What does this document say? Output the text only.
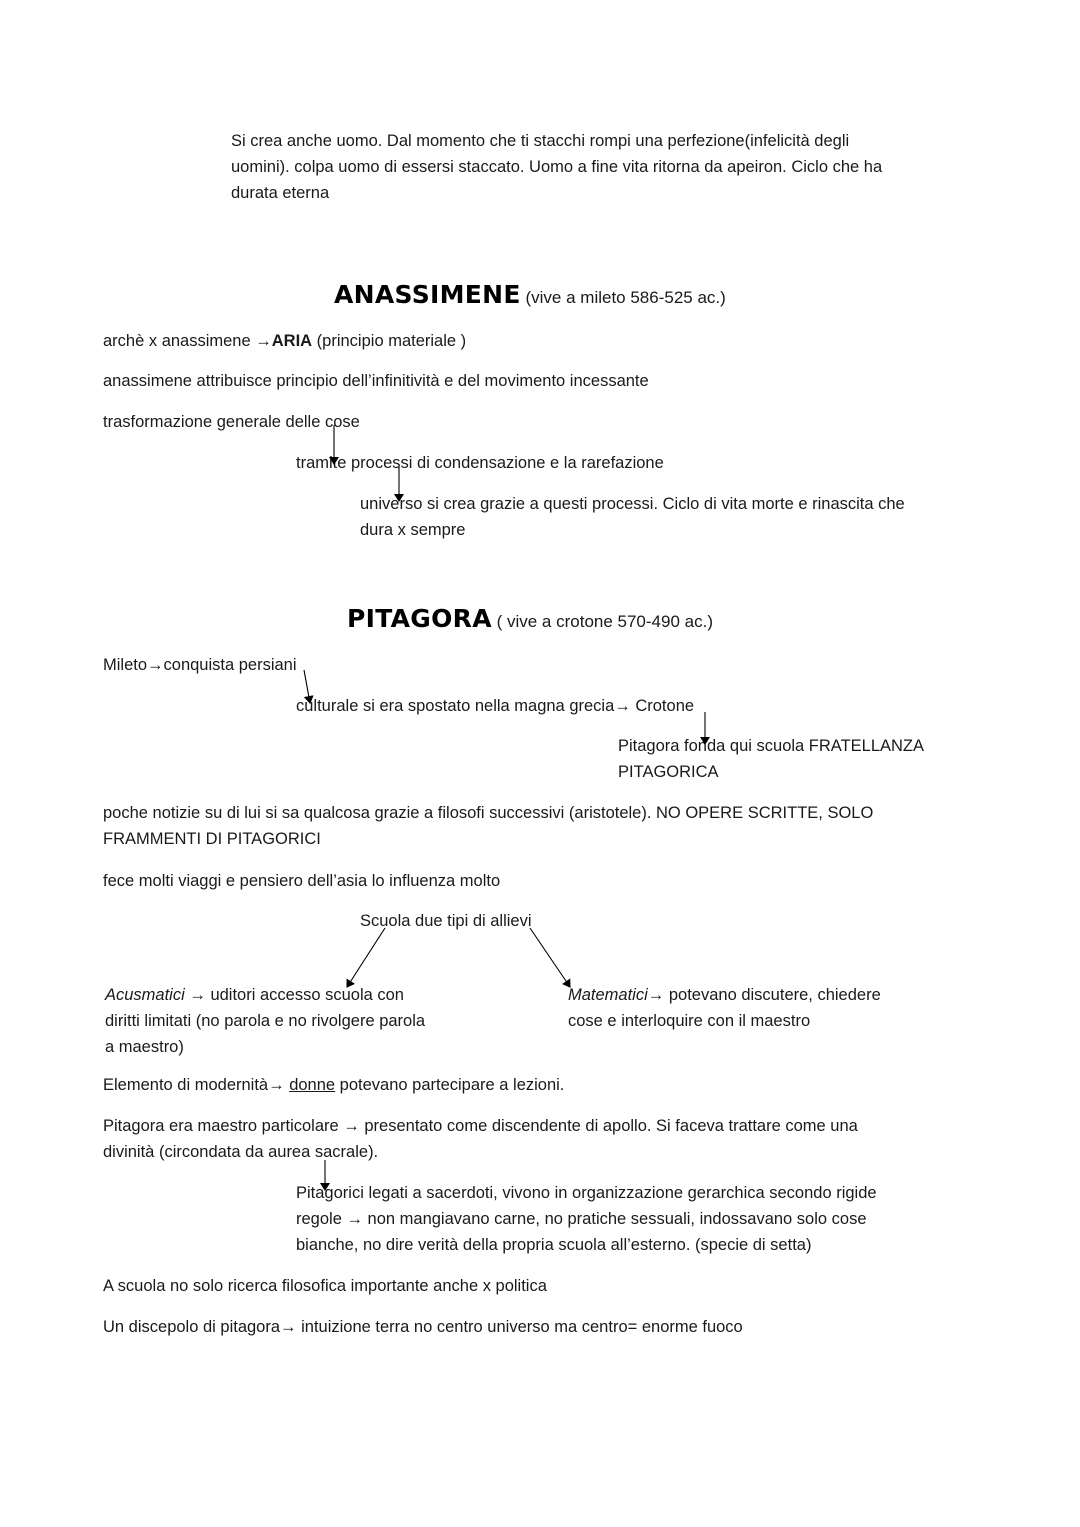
Si crea anche uomo. Dal momento che ti stacchi rompi una perfezione(infelicità degli
uomini). colpa uomo di essersi staccato. Uomo a fine vita ritorna da apeiron. Ciclo che ha
durata eterna
ANASSIMENE (vive a mileto 586-525 ac.)
archè x anassimene →ARIA (principio materiale )
anassimene attribuisce principio dell’infinitività e del movimento incessante
trasformazione generale delle cose
tramite processi di condensazione e la rarefazione
universo si crea grazie a questi processi. Ciclo di vita morte e rinascita che
dura x sempre
PITAGORA ( vive a crotone 570-490 ac.)
Mileto→conquista persiani
culturale si era spostato nella magna grecia→ Crotone
Pitagora fonda qui scuola FRATELLANZA
PITAGORICA
poche notizie su di lui si sa qualcosa grazie a filosofi successivi (aristotele). NO OPERE SCRITTE, SOLO
FRAMMENTI DI PITAGORICI
fece molti viaggi e pensiero dell’asia lo influenza molto
Scuola due tipi di allievi
Acusmatici → uditori accesso scuola con
diritti limitati (no parola e no rivolgere parola
a maestro)
Matematici→ potevano discutere, chiedere
cose e interloquire con il maestro
Elemento di modernità→ donne potevano partecipare a lezioni.
Pitagora era maestro particolare → presentato come discendente di apollo. Si faceva trattare come una
divinità (circondata da aurea sacrale).
Pitagorici legati a sacerdoti, vivono in organizzazione gerarchica secondo rigide
regole → non mangiavano carne, no pratiche sessuali, indossavano solo cose
bianche, no dire verità della propria scuola all’esterno. (specie di setta)
A scuola no solo ricerca filosofica importante anche x politica
Un discepolo di pitagora→ intuizione terra no centro universo ma centro= enorme fuoco
